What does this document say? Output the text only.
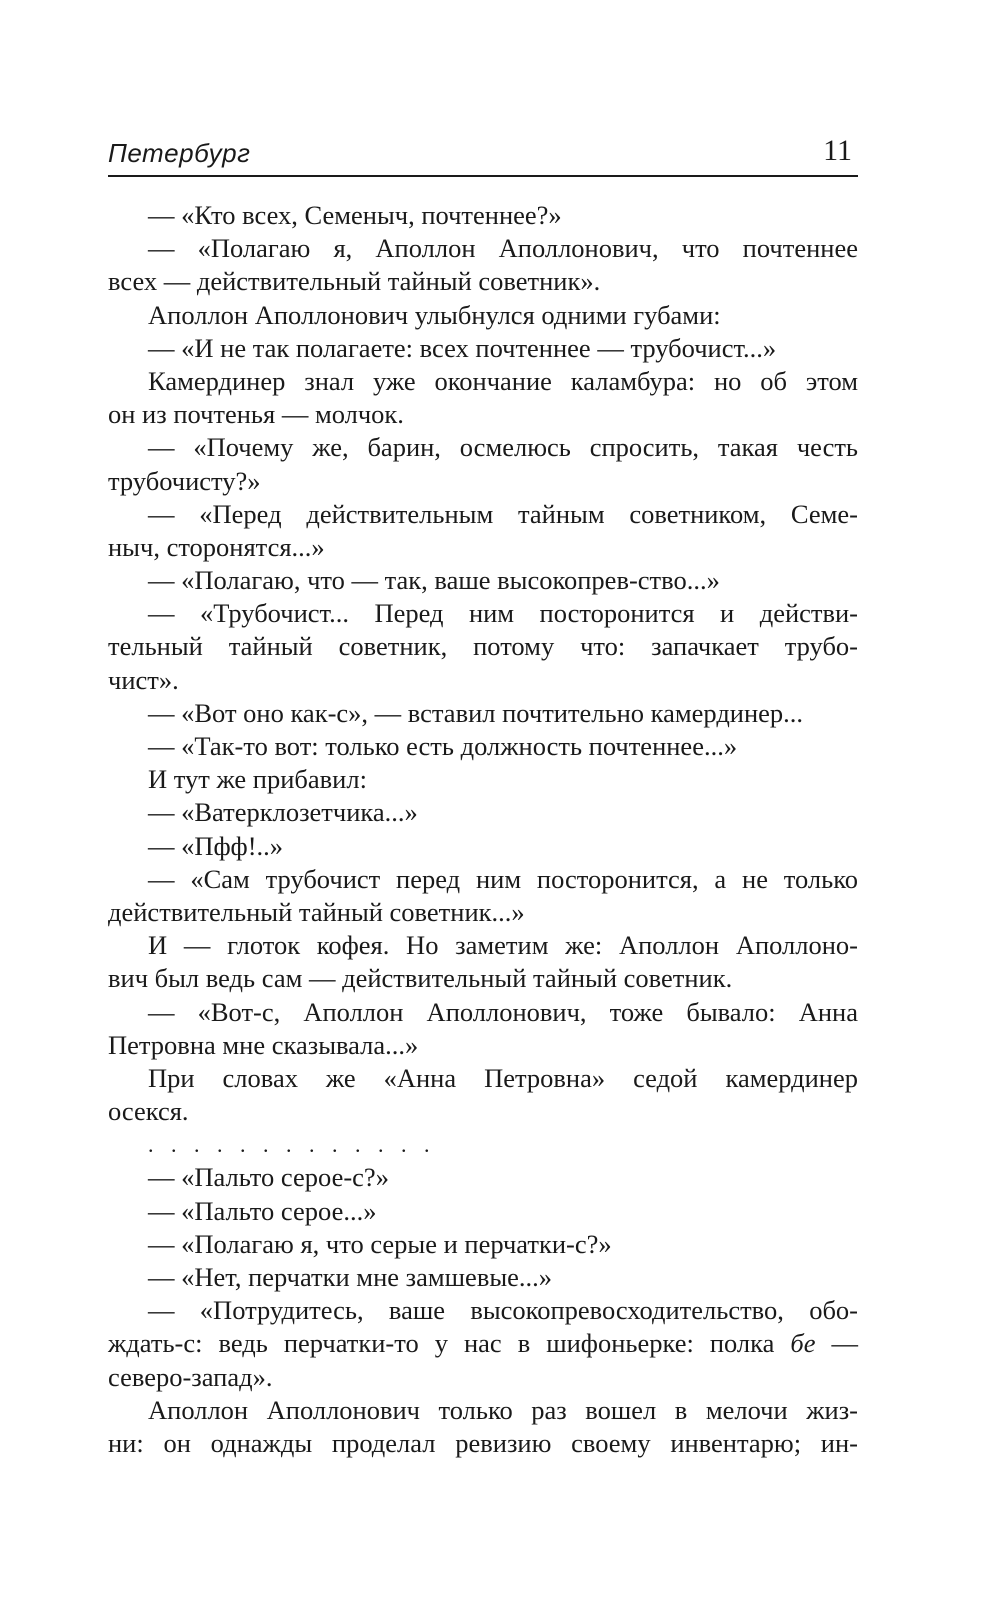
Петербург	11
— «Кто всех, Семеныч, почтеннее?»
— «Полагаю я, Аполлон Аполлонович, что почтеннее
всех — действительный тайный советник».
Аполлон Аполлонович улыбнулся одними губами:
— «И не так полагаете: всех почтеннее — трубочист...»
Камердинер знал уже окончание каламбура: но об этом
он из почтенья — молчок.
— «Почему же, барин, осмелюсь спросить, такая честь
трубочисту?»
— «Перед действительным тайным советником, Семе-
ныч, сторонятся...»
— «Полагаю, что — так, ваше высокопрев-ство...»
— «Трубочист... Перед ним посторонится и действи-
тельный тайный советник, потому что: запачкает трубо-
чист».
— «Вот оно как-с», — вставил почтительно камердинер...
— «Так-то вот: только есть должность почтеннее...»
И тут же прибавил:
— «Ватерклозетчика...»
— «Пфф!..»
— «Сам трубочист перед ним посторонится, а не только
действительный тайный советник...»
И — глоток кофея. Но заметим же: Аполлон Аполлоно-
вич был ведь сам — действительный тайный советник.
— «Вот-с, Аполлон Аполлонович, тоже бывало: Анна
Петровна мне сказывала...»
При словах же «Анна Петровна» седой камердинер
осекся.
. . . . . . . . . . . . .
— «Пальто серое-с?»
— «Пальто серое...»
— «Полагаю я, что серые и перчатки-с?»
— «Нет, перчатки мне замшевые...»
— «Потрудитесь, ваше высокопревосходительство, обо-
ждать-с: ведь перчатки-то у нас в шифоньерке: полка бе —
северо-запад».
Аполлон Аполлонович только раз вошел в мелочи жиз-
ни: он однажды проделал ревизию своему инвентарю; ин-
